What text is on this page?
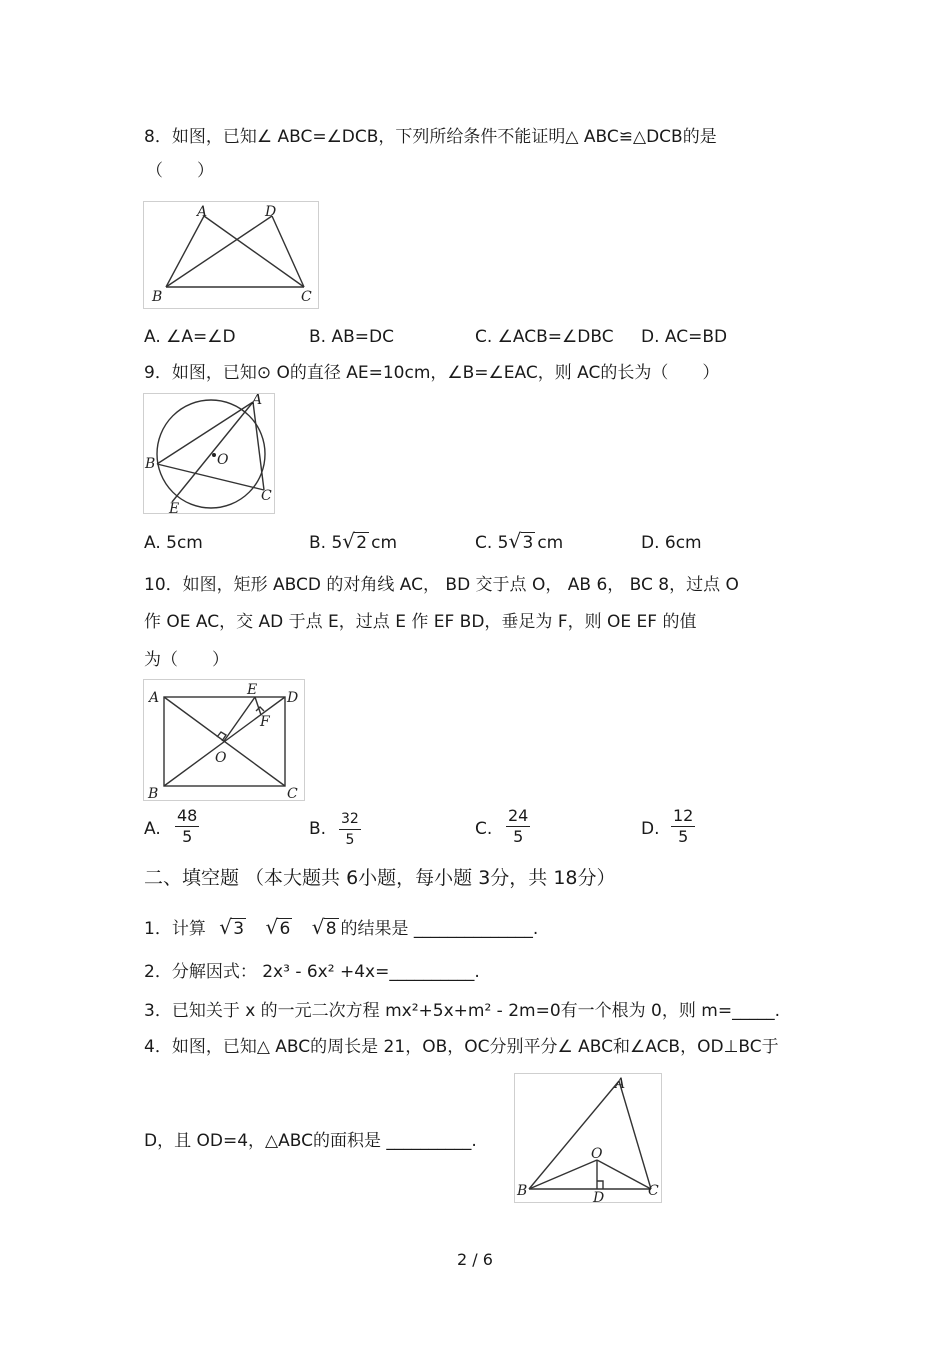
8．如图，已知∠ ABC=∠DCB，下列所给条件不能证明△ ABC≌△DCB的是
（　　）
A	D
B	C
A. ∠A=∠D	B. AB=DC	C. ∠ACB=∠DBC D. AC=BD
9．如图，已知⊙ O的直径 AE=10cm，∠B=∠EAC，则 AC的长为（　　）
A
B	O
C
E
A. 5cm	B. 5 √ 2 cm	C. 5 √ 3 cm	D. 6cm
10．如图，矩形 ABCD 的对角线 AC， BD 交于点 O， AB 6， BC 8，过点 O
作 OE AC，交 AD 于点 E，过点 E 作 EF BD，垂足为 F，则 OE EF 的值
为（　　）
A	E D
F
O
B	C
A. $\frac{48}{5}$	B. $\frac{32}{5}$	C. $\frac{24}{5}$	D. $\frac{12}{5}$
二、填空题 （本大题共 6小题，每小题 3分，共 18分）
1．计算 √ 3 √ 6 √ 8 的结果是 ______________.
2．分解因式： 2x³ - 6x² +4x=__________.
3．已知关于 x 的一元二次方程 mx²+5x+m² - 2m=0有一个根为 0，则 m=_____.
4．如图，已知△ ABC的周长是 21，OB，OC分别平分∠ ABC和∠ACB，OD⊥BC于
D，且 OD=4，△ABC的面积是 __________.
A
O
B	D	C
2 / 6
